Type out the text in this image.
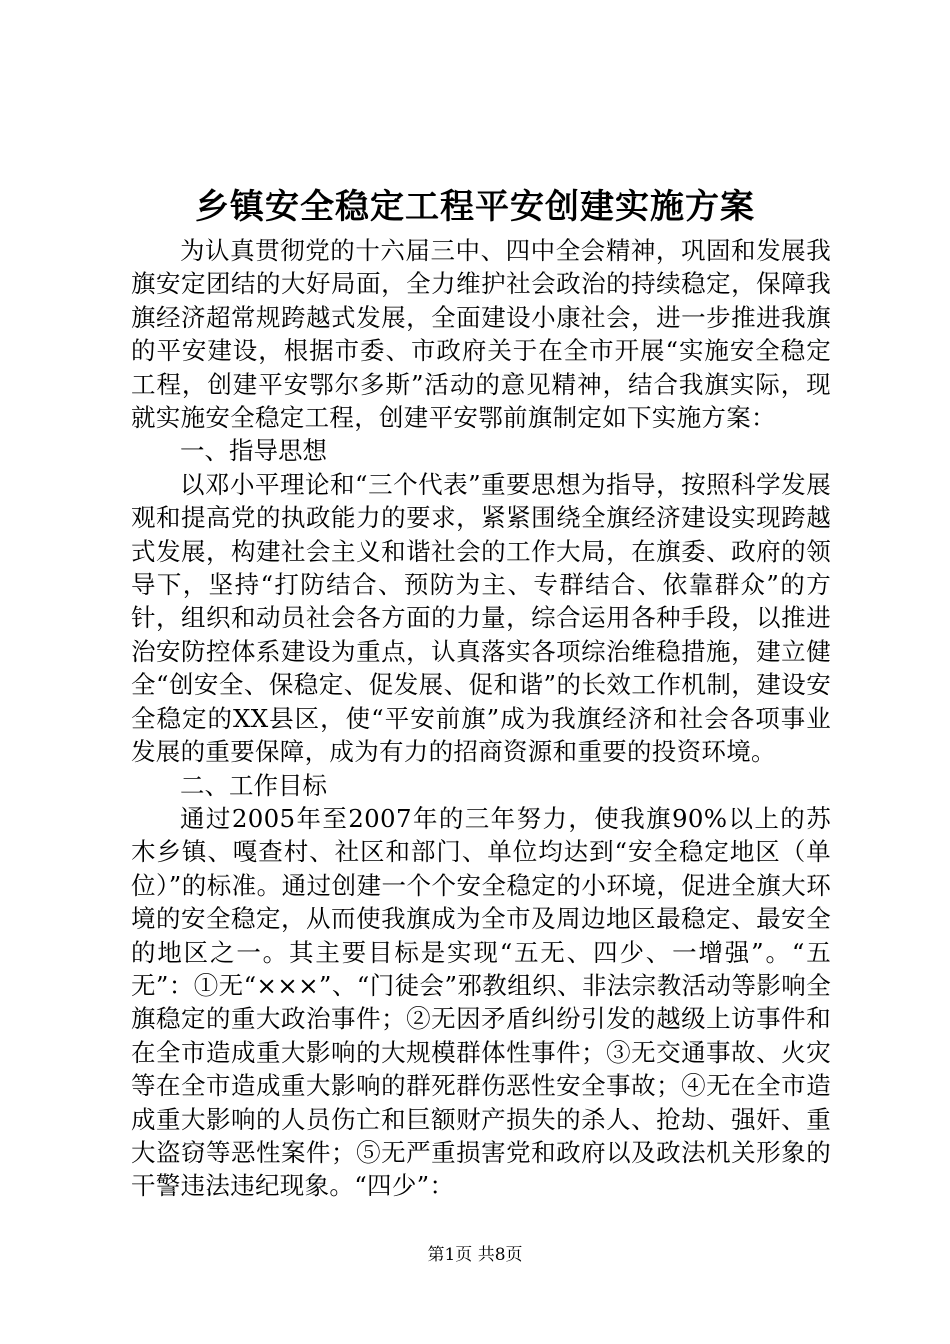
乡镇安全稳定工程平安创建实施方案

为认真贯彻党的十六届三中、四中全会精神，巩固和发展我旗安定团结的大好局面，全力维护社会政治的持续稳定，保障我旗经济超常规跨越式发展，全面建设小康社会，进一步推进我旗的平安建设，根据市委、市政府关于在全市开展“实施安全稳定工程，创建平安鄂尔多斯”活动的意见精神，结合我旗实际，现就实施安全稳定工程，创建平安鄂前旗制定如下实施方案：

一、指导思想

以邓小平理论和“三个代表”重要思想为指导，按照科学发展观和提高党的执政能力的要求，紧紧围绕全旗经济建设实现跨越式发展，构建社会主义和谐社会的工作大局，在旗委、政府的领导下，坚持“打防结合、预防为主、专群结合、依靠群众”的方针，组织和动员社会各方面的力量，综合运用各种手段，以推进治安防控体系建设为重点，认真落实各项综治维稳措施，建立健全“创安全、保稳定、促发展、促和谐”的长效工作机制，建设安全稳定的XX县区，使“平安前旗”成为我旗经济和社会各项事业发展的重要保障，成为有力的招商资源和重要的投资环境。

二、工作目标

通过2005年至2007年的三年努力，使我旗90%以上的苏木乡镇、嘎查村、社区和部门、单位均达到“安全稳定地区（单位）”的标准。通过创建一个个安全稳定的小环境，促进全旗大环境的安全稳定，从而使我旗成为全市及周边地区最稳定、最安全的地区之一。其主要目标是实现“五无、四少、一增强”。“五无”：①无“×××”、“门徒会”邪教组织、非法宗教活动等影响全旗稳定的重大政治事件；②无因矛盾纠纷引发的越级上访事件和在全市造成重大影响的大规模群体性事件；③无交通事故、火灾等在全市造成重大影响的群死群伤恶性安全事故；④无在全市造成重大影响的人员伤亡和巨额财产损失的杀人、抢劫、强奸、重大盗窃等恶性案件；⑤无严重损害党和政府以及政法机关形象的干警违法违纪现象。“四少”：

第1页 共8页
